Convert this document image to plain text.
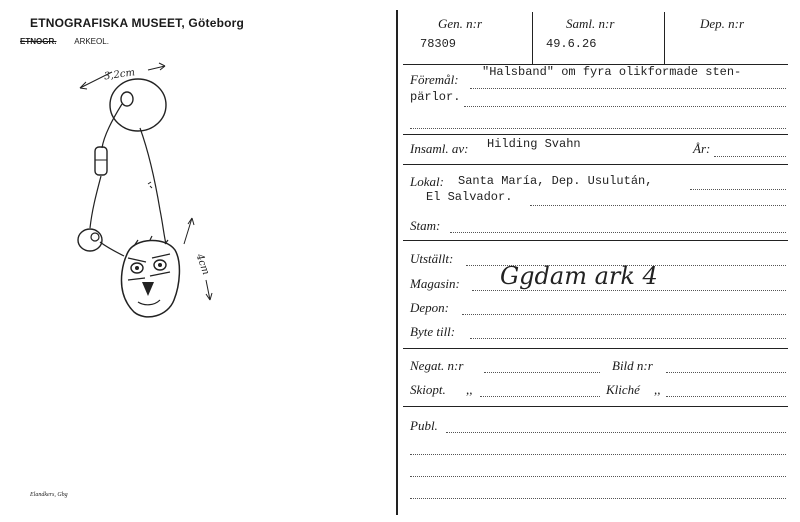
ETNOGRAFISKA MUSEET, Göteborg
ETNOGR. ARKEOL.
3,2cm
4cm
Elandkers, Gbg
Gen. n:r
78309
Saml. n:r
49.6.26
Dep. n:r
Föremål: "Halsband" om fyra olikformade sten-
pärlor.
Insaml. av: Hilding Svahn	År:
Lokal: Santa María, Dep. Usulután,
El Salvador.
Stam:
Utställt:
Magasin: Ggdam ark 4
Depon:
Byte till:
Negat. n:r	Bild n:r
Skiopt. ,,	Kliché ,,
Publ.
